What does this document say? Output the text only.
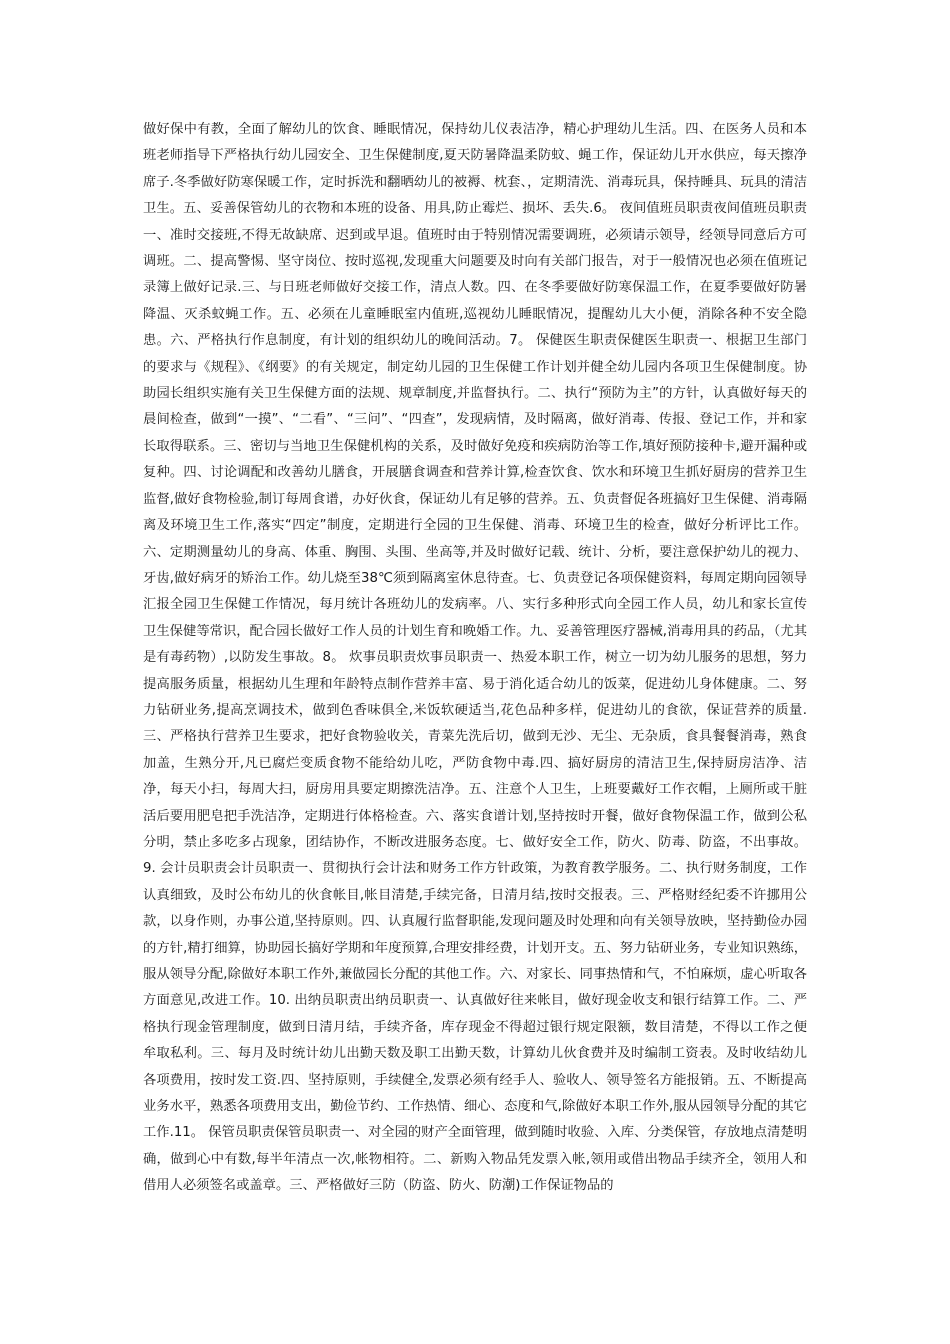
做好保中有教，全面了解幼儿的饮食、睡眠情况，保持幼儿仪表洁净，精心护理幼儿生活。四、在医务人员和本班老师指导下严格执行幼儿园安全、卫生保健制度,夏天防暑降温柔防蚊、蝇工作，保证幼儿开水供应，每天擦净席子.冬季做好防寒保暖工作，定时拆洗和翻晒幼儿的被褥、枕套、，定期清洗、消毒玩具，保持睡具、玩具的清洁卫生。五、妥善保管幼儿的衣物和本班的设备、用具,防止霉烂、损坏、丢失.6。 夜间值班员职责夜间值班员职责一、准时交接班,不得无故缺席、迟到或早退。值班时由于特别情况需要调班，必须请示领导，经领导同意后方可调班。二、提高警惕、坚守岗位、按时巡视,发现重大问题要及时向有关部门报告，对于一般情况也必须在值班记录簿上做好记录.三、与日班老师做好交接工作，清点人数。四、在冬季要做好防寒保温工作，在夏季要做好防暑降温、灭杀蚊蝇工作。五、必须在儿童睡眠室内值班,巡视幼儿睡眠情况，提醒幼儿大小便，消除各种不安全隐患。六、严格执行作息制度，有计划的组织幼儿的晚间活动。7。 保健医生职责保健医生职责一、根据卫生部门的要求与《规程》、《纲要》的有关规定，制定幼儿园的卫生保健工作计划并健全幼儿园内各项卫生保健制度。协助园长组织实施有关卫生保健方面的法规、规章制度,并监督执行。二、执行“预防为主”的方针，认真做好每天的晨间检查，做到“一摸”、“二看”、“三问”、“四查”，发现病情，及时隔离，做好消毒、传报、登记工作，并和家长取得联系。三、密切与当地卫生保健机构的关系，及时做好免疫和疾病防治等工作,填好预防接种卡,避开漏种或复种。四、讨论调配和改善幼儿膳食，开展膳食调查和营养计算,检查饮食、饮水和环境卫生抓好厨房的营养卫生监督,做好食物检验,制订每周食谱，办好伙食，保证幼儿有足够的营养。五、负责督促各班搞好卫生保健、消毒隔离及环境卫生工作,落实“四定”制度，定期进行全园的卫生保健、消毒、环境卫生的检查，做好分析评比工作。六、定期测量幼儿的身高、体重、胸围、头围、坐高等,并及时做好记载、统计、分析，要注意保护幼儿的视力、牙齿,做好病牙的矫治工作。幼儿烧至38℃须到隔离室休息待查。七、负责登记各项保健资料，每周定期向园领导汇报全园卫生保健工作情况，每月统计各班幼儿的发病率。八、实行多种形式向全园工作人员，幼儿和家长宣传卫生保健等常识，配合园长做好工作人员的计划生育和晚婚工作。九、妥善管理医疗器械,消毒用具的药品，（尤其是有毒药物）,以防发生事故。8。 炊事员职责炊事员职责一、热爱本职工作，树立一切为幼儿服务的思想，努力提高服务质量，根据幼儿生理和年龄特点制作营养丰富、易于消化适合幼儿的饭菜，促进幼儿身体健康。二、努力钻研业务,提高烹调技术，做到色香味俱全,米饭软硬适当,花色品种多样，促进幼儿的食欲，保证营养的质量.三、严格执行营养卫生要求，把好食物验收关，青菜先洗后切，做到无沙、无尘、无杂质，食具餐餐消毒，熟食加盖，生熟分开,凡已腐烂变质食物不能给幼儿吃，严防食物中毒.四、搞好厨房的清洁卫生,保持厨房洁净、洁净，每天小扫，每周大扫，厨房用具要定期擦洗洁净。五、注意个人卫生，上班要戴好工作衣帽，上厕所或干脏活后要用肥皂把手洗洁净，定期进行体格检查。六、落实食谱计划,坚持按时开餐，做好食物保温工作，做到公私分明，禁止多吃多占现象，团结协作，不断改进服务态度。七、做好安全工作，防火、防毒、防盗，不出事故。9. 会计员职责会计员职责一、贯彻执行会计法和财务工作方针政策，为教育教学服务。二、执行财务制度，工作认真细致，及时公布幼儿的伙食帐目,帐目清楚,手续完备，日清月结,按时交报表。三、严格财经纪委不许挪用公款，以身作则，办事公道,坚持原则。四、认真履行监督职能,发现问题及时处理和向有关领导放映，坚持勤俭办园的方针,精打细算，协助园长搞好学期和年度预算,合理安排经费，计划开支。五、努力钻研业务，专业知识熟练，服从领导分配,除做好本职工作外,兼做园长分配的其他工作。六、对家长、同事热情和气，不怕麻烦，虚心听取各方面意见,改进工作。10. 出纳员职责出纳员职责一、认真做好往来帐目，做好现金收支和银行结算工作。二、严格执行现金管理制度，做到日清月结，手续齐备，库存现金不得超过银行规定限额，数目清楚，不得以工作之便牟取私利。三、每月及时统计幼儿出勤天数及职工出勤天数，计算幼儿伙食费并及时编制工资表。及时收结幼儿各项费用，按时发工资.四、坚持原则，手续健全,发票必须有经手人、验收人、领导签名方能报销。五、不断提高业务水平，熟悉各项费用支出，勤俭节约、工作热情、细心、态度和气,除做好本职工作外,服从园领导分配的其它工作.11。 保管员职责保管员职责一、对全园的财产全面管理，做到随时收验、入库、分类保管，存放地点清楚明确，做到心中有数,每半年清点一次,帐物相符。二、新购入物品凭发票入帐,领用或借出物品手续齐全，领用人和借用人必须签名或盖章。三、严格做好三防（防盗、防火、防潮)工作保证物品的
